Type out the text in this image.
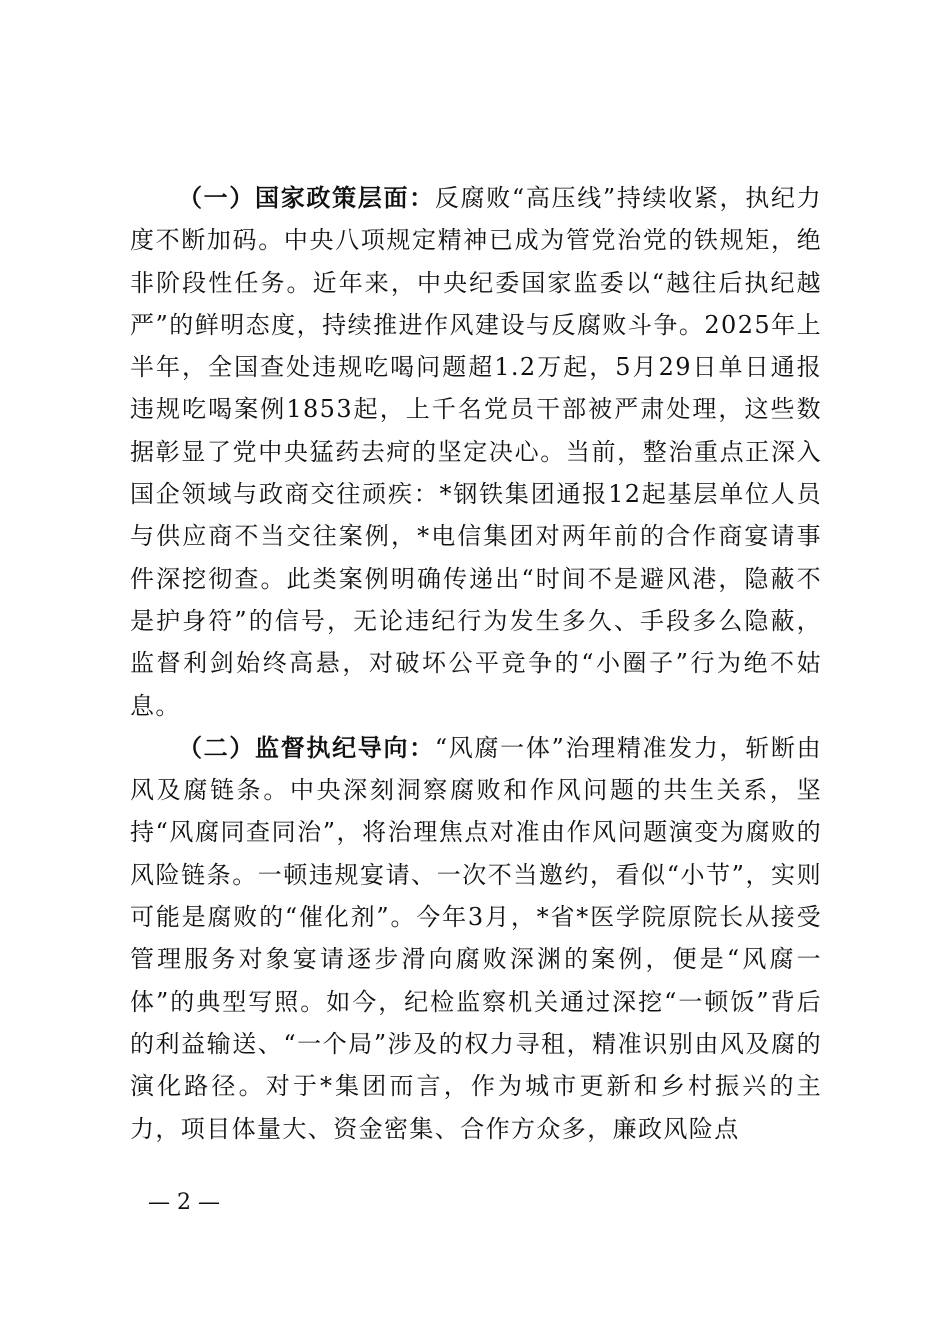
（一）国家政策层面：反腐败“高压线”持续收紧，执纪力度不断加码。中央八项规定精神已成为管党治党的铁规矩，绝非阶段性任务。近年来，中央纪委国家监委以“越往后执纪越严”的鲜明态度，持续推进作风建设与反腐败斗争。2025年上半年，全国查处违规吃喝问题超1.2万起，5月29日单日通报违规吃喝案例1853起，上千名党员干部被严肃处理，这些数据彰显了党中央猛药去疴的坚定决心。当前，整治重点正深入国企领域与政商交往顽疾：*钢铁集团通报12起基层单位人员与供应商不当交往案例，*电信集团对两年前的合作商宴请事件深挖彻查。此类案例明确传递出“时间不是避风港，隐蔽不是护身符”的信号，无论违纪行为发生多久、手段多么隐蔽，监督利剑始终高悬，对破坏公平竞争的“小圈子”行为绝不姑息。

（二）监督执纪导向：“风腐一体”治理精准发力，斩断由风及腐链条。中央深刻洞察腐败和作风问题的共生关系，坚持“风腐同查同治”，将治理焦点对准由作风问题演变为腐败的风险链条。一顿违规宴请、一次不当邀约，看似“小节”，实则可能是腐败的“催化剂”。今年3月，*省*医学院原院长从接受管理服务对象宴请逐步滑向腐败深渊的案例，便是“风腐一体”的典型写照。如今，纪检监察机关通过深挖“一顿饭”背后的利益输送、“一个局”涉及的权力寻租，精准识别由风及腐的演化路径。对于*集团而言，作为城市更新和乡村振兴的主力，项目体量大、资金密集、合作方众多，廉政风险点

— 2 —
